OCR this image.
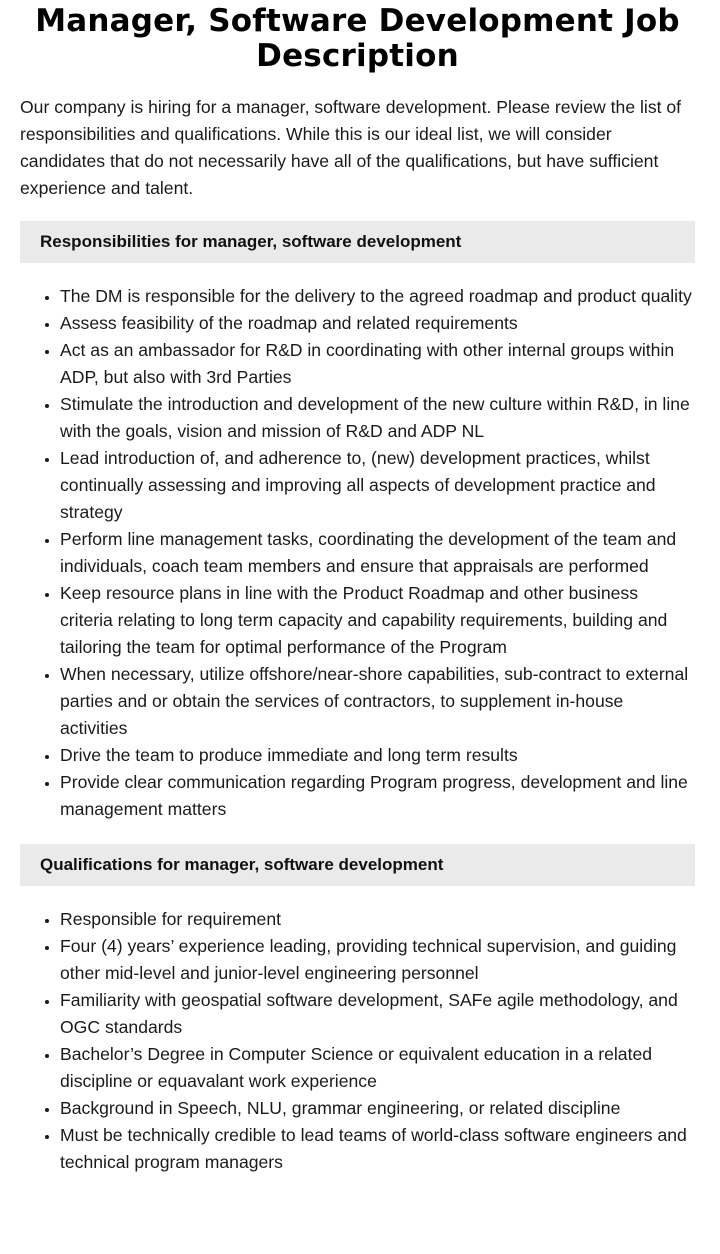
Manager, Software Development Job Description

Our company is hiring for a manager, software development. Please review the list of responsibilities and qualifications. While this is our ideal list, we will consider candidates that do not necessarily have all of the qualifications, but have sufficient experience and talent.

Responsibilities for manager, software development
• The DM is responsible for the delivery to the agreed roadmap and product quality
• Assess feasibility of the roadmap and related requirements
• Act as an ambassador for R&D in coordinating with other internal groups within ADP, but also with 3rd Parties
• Stimulate the introduction and development of the new culture within R&D, in line with the goals, vision and mission of R&D and ADP NL
• Lead introduction of, and adherence to, (new) development practices, whilst continually assessing and improving all aspects of development practice and strategy
• Perform line management tasks, coordinating the development of the team and individuals, coach team members and ensure that appraisals are performed
• Keep resource plans in line with the Product Roadmap and other business criteria relating to long term capacity and capability requirements, building and tailoring the team for optimal performance of the Program
• When necessary, utilize offshore/near-shore capabilities, sub-contract to external parties and or obtain the services of contractors, to supplement in-house activities
• Drive the team to produce immediate and long term results
• Provide clear communication regarding Program progress, development and line management matters
Qualifications for manager, software development
• Responsible for requirement
• Four (4) years’ experience leading, providing technical supervision, and guiding other mid-level and junior-level engineering personnel
• Familiarity with geospatial software development, SAFe agile methodology, and OGC standards
• Bachelor’s Degree in Computer Science or equivalent education in a related discipline or equavalant work experience
• Background in Speech, NLU, grammar engineering, or related discipline
• Must be technically credible to lead teams of world-class software engineers and technical program managers
